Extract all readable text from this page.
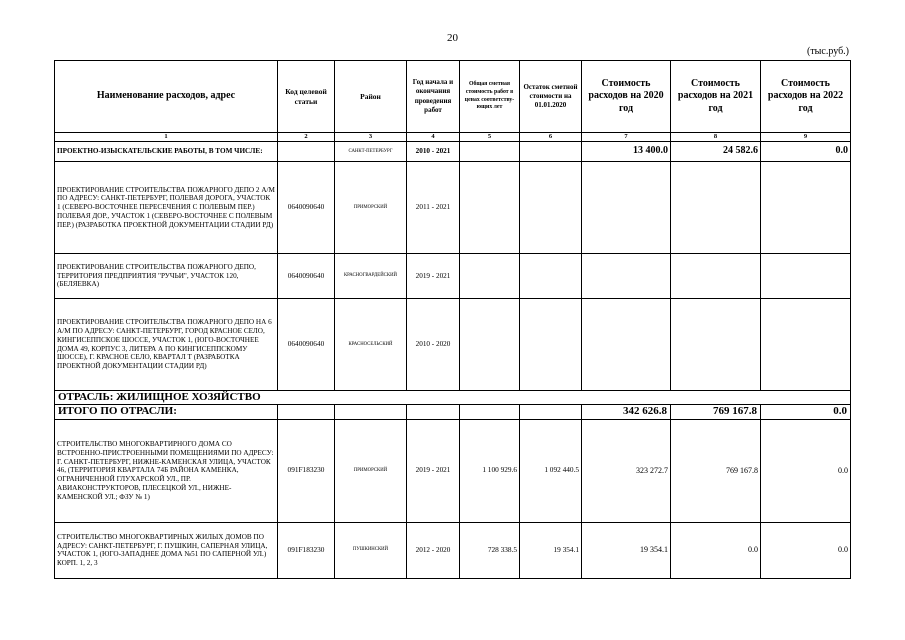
20
(тыс.руб.)
Наименование расходов, адрес	Код целевой статьи	Район	Год начала и окончания проведения работ	Общая сметная стоимость работ в ценах соответству-ющих лет	Остаток сметной стоимости на 01.01.2020	Стоимость расходов на 2020 год	Стоимость расходов на 2021 год	Стоимость расходов на 2022 год
1	2	3	4	5	6	7	8	9
ПРОЕКТНО-ИЗЫСКАТЕЛЬСКИЕ РАБОТЫ, В ТОМ ЧИСЛЕ:		САНКТ-ПЕТЕРБУРГ	2010 - 2021			13 400.0	24 582.6	0.0
ПРОЕКТИРОВАНИЕ СТРОИТЕЛЬСТВА ПОЖАРНОГО ДЕПО 2 А/М ПО АДРЕСУ: САНКТ-ПЕТЕРБУРГ, ПОЛЕВАЯ ДОРОГА, УЧАСТОК 1 (СЕВЕРО-ВОСТОЧНЕЕ ПЕРЕСЕЧЕНИЯ С ПОЛЕВЫМ ПЕР.) ПОЛЕВАЯ ДОР., УЧАСТОК 1 (СЕВЕРО-ВОСТОЧНЕЕ С ПОЛЕВЫМ ПЕР.) (РАЗРАБОТКА ПРОЕКТНОЙ ДОКУМЕНТАЦИИ СТАДИИ РД)	0640090640	ПРИМОРСКИЙ	2011 - 2021					
ПРОЕКТИРОВАНИЕ СТРОИТЕЛЬСТВА ПОЖАРНОГО ДЕПО, ТЕРРИТОРИЯ ПРЕДПРИЯТИЯ "РУЧЬИ", УЧАСТОК 120, (БЕЛЯЕВКА)	0640090640	КРАСНОГВАРДЕЙСКИЙ	2019 - 2021					
ПРОЕКТИРОВАНИЕ СТРОИТЕЛЬСТВА ПОЖАРНОГО ДЕПО НА 6 А/М ПО АДРЕСУ: САНКТ-ПЕТЕРБУРГ, ГОРОД КРАСНОЕ СЕЛО, КИНГИСЕППСКОЕ ШОССЕ, УЧАСТОК 1, (ЮГО-ВОСТОЧНЕЕ ДОМА 49, КОРПУС 3, ЛИТЕРА А ПО КИНГИСЕППСКОМУ ШОССЕ), Г. КРАСНОЕ СЕЛО, КВАРТАЛ Т (РАЗРАБОТКА ПРОЕКТНОЙ ДОКУМЕНТАЦИИ СТАДИИ РД)	0640090640	КРАСНОСЕЛЬСКИЙ	2010 - 2020					
ОТРАСЛЬ: ЖИЛИЩНОЕ ХОЗЯЙСТВО								
ИТОГО ПО ОТРАСЛИ:						342 626.8	769 167.8	0.0
СТРОИТЕЛЬСТВО МНОГОКВАРТИРНОГО ДОМА СО ВСТРОЕННО-ПРИСТРОЕННЫМИ ПОМЕЩЕНИЯМИ ПО АДРЕСУ: Г. САНКТ-ПЕТЕРБУРГ, НИЖНЕ-КАМЕНСКАЯ УЛИЦА, УЧАСТОК 46, (ТЕРРИТОРИЯ КВАРТАЛА 74Б РАЙОНА КАМЕНКА, ОГРАНИЧЕННОЙ ГЛУХАРСКОЙ УЛ., ПР. АВИАКОНСТРУКТОРОВ, ПЛЕСЕЦКОЙ УЛ., НИЖНЕ-КАМЕНСКОЙ УЛ.; ФЗУ № 1)	091F183230	ПРИМОРСКИЙ	2019 - 2021	1 100 929.6	1 092 440.5	323 272.7	769 167.8	0.0
СТРОИТЕЛЬСТВО МНОГОКВАРТИРНЫХ ЖИЛЫХ ДОМОВ ПО АДРЕСУ: САНКТ-ПЕТЕРБУРГ, Г. ПУШКИН, САПЕРНАЯ УЛИЦА, УЧАСТОК 1, (ЮГО-ЗАПАДНЕЕ ДОМА №51 ПО САПЕРНОЙ УЛ.) КОРП. 1, 2, 3	091F183230	ПУШКИНСКИЙ	2012 - 2020	728 338.5	19 354.1	19 354.1	0.0	0.0
